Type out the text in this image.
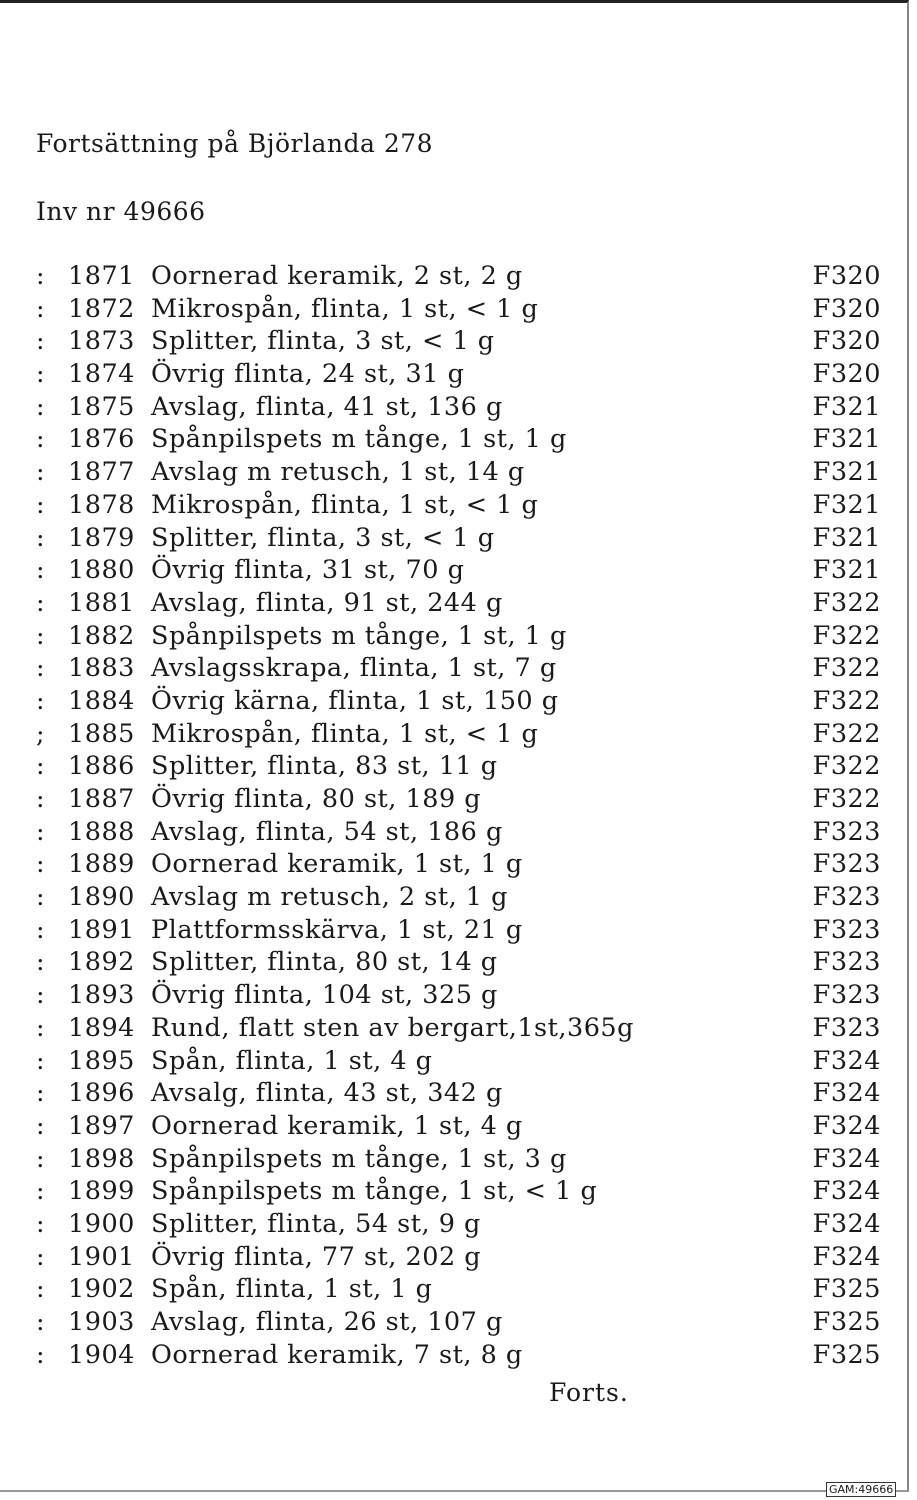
Fortsättning på Björlanda 278
Inv nr 49666
: 1871 Oornerad keramik, 2 st, 2 g	F320
: 1872 Mikrospån, flinta, 1 st, < 1 g	F320
: 1873 Splitter, flinta, 3 st, < 1 g	F320
: 1874 Övrig flinta, 24 st, 31 g	F320
: 1875 Avslag, flinta, 41 st, 136 g	F321
: 1876 Spånpilspets m tånge, 1 st, 1 g	F321
: 1877 Avslag m retusch, 1 st, 14 g	F321
: 1878 Mikrospån, flinta, 1 st, < 1 g	F321
: 1879 Splitter, flinta, 3 st, < 1 g	F321
: 1880 Övrig flinta, 31 st, 70 g	F321
: 1881 Avslag, flinta, 91 st, 244 g	F322
: 1882 Spånpilspets m tånge, 1 st, 1 g	F322
: 1883 Avslagsskrapa, flinta, 1 st, 7 g	F322
: 1884 Övrig kärna, flinta, 1 st, 150 g	F322
; 1885 Mikrospån, flinta, 1 st, < 1 g	F322
: 1886 Splitter, flinta, 83 st, 11 g	F322
: 1887 Övrig flinta, 80 st, 189 g	F322
: 1888 Avslag, flinta, 54 st, 186 g	F323
: 1889 Oornerad keramik, 1 st, 1 g	F323
: 1890 Avslag m retusch, 2 st, 1 g	F323
: 1891 Plattformsskärva, 1 st, 21 g	F323
: 1892 Splitter, flinta, 80 st, 14 g	F323
: 1893 Övrig flinta, 104 st, 325 g	F323
: 1894 Rund, flatt sten av bergart,1st,365g	F323
: 1895 Spån, flinta, 1 st, 4 g	F324
: 1896 Avsalg, flinta, 43 st, 342 g	F324
: 1897 Oornerad keramik, 1 st, 4 g	F324
: 1898 Spånpilspets m tånge, 1 st, 3 g	F324
: 1899 Spånpilspets m tånge, 1 st, < 1 g	F324
: 1900 Splitter, flinta, 54 st, 9 g	F324
: 1901 Övrig flinta, 77 st, 202 g	F324
: 1902 Spån, flinta, 1 st, 1 g	F325
: 1903 Avslag, flinta, 26 st, 107 g	F325
: 1904 Oornerad keramik, 7 st, 8 g	F325
Forts.
GAM:49666
